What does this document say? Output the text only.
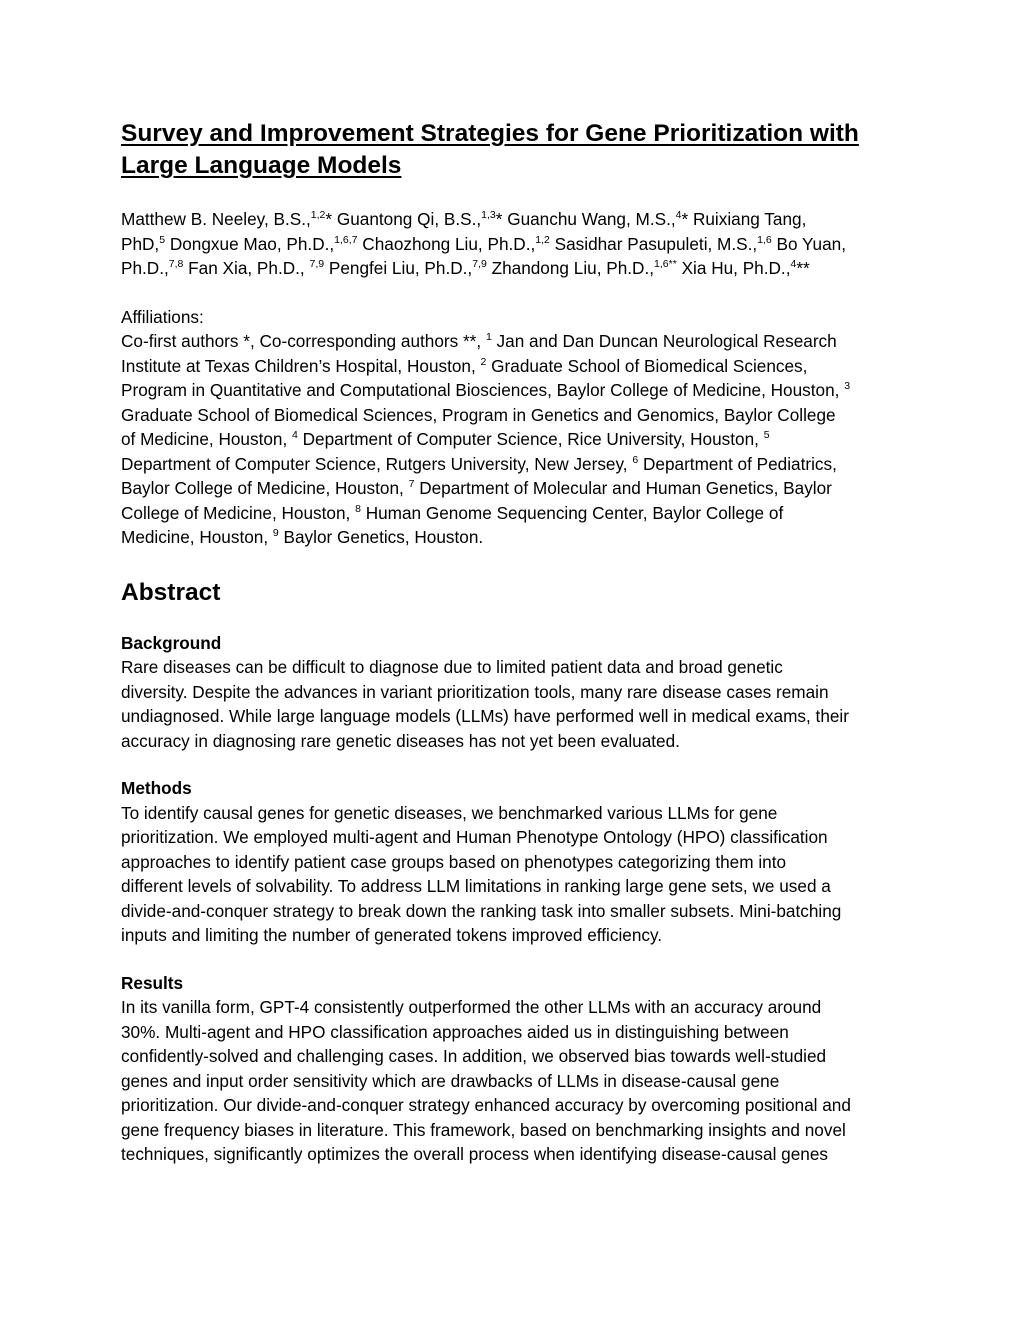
Survey and Improvement Strategies for Gene Prioritization with
Large Language Models
Matthew B. Neeley, B.S.,$^{1,2}$* Guantong Qi, B.S.,$^{1,3}$* Guanchu Wang, M.S.,$^4$* Ruixiang Tang,
PhD,$^5$ Dongxue Mao, Ph.D.,$^{1,6,7}$ Chaozhong Liu, Ph.D.,$^{1,2}$ Sasidhar Pasupuleti, M.S.,$^{1,6}$ Bo Yuan,
Ph.D.,$^{7,8}$ Fan Xia, Ph.D., $^{7,9}$ Pengfei Liu, Ph.D.,$^{7,9}$ Zhandong Liu, Ph.D.,$^{1,6**}$ Xia Hu, Ph.D.,$^4$**
Affiliations:
Co-first authors *, Co-corresponding authors **, $^1$ Jan and Dan Duncan Neurological Research
Institute at Texas Children’s Hospital, Houston, $^2$ Graduate School of Biomedical Sciences,
Program in Quantitative and Computational Biosciences, Baylor College of Medicine, Houston, $^3$
Graduate School of Biomedical Sciences, Program in Genetics and Genomics, Baylor College
of Medicine, Houston, $^4$ Department of Computer Science, Rice University, Houston, $^5$
Department of Computer Science, Rutgers University, New Jersey, $^6$ Department of Pediatrics,
Baylor College of Medicine, Houston, $^7$ Department of Molecular and Human Genetics, Baylor
College of Medicine, Houston, $^8$ Human Genome Sequencing Center, Baylor College of
Medicine, Houston, $^9$ Baylor Genetics, Houston.
Abstract
Background
Rare diseases can be difficult to diagnose due to limited patient data and broad genetic
diversity. Despite the advances in variant prioritization tools, many rare disease cases remain
undiagnosed. While large language models (LLMs) have performed well in medical exams, their
accuracy in diagnosing rare genetic diseases has not yet been evaluated.
Methods
To identify causal genes for genetic diseases, we benchmarked various LLMs for gene
prioritization. We employed multi-agent and Human Phenotype Ontology (HPO) classification
approaches to identify patient case groups based on phenotypes categorizing them into
different levels of solvability. To address LLM limitations in ranking large gene sets, we used a
divide-and-conquer strategy to break down the ranking task into smaller subsets. Mini-batching
inputs and limiting the number of generated tokens improved efficiency.
Results
In its vanilla form, GPT-4 consistently outperformed the other LLMs with an accuracy around
30%. Multi-agent and HPO classification approaches aided us in distinguishing between
confidently-solved and challenging cases. In addition, we observed bias towards well-studied
genes and input order sensitivity which are drawbacks of LLMs in disease-causal gene
prioritization. Our divide-and-conquer strategy enhanced accuracy by overcoming positional and
gene frequency biases in literature. This framework, based on benchmarking insights and novel
techniques, significantly optimizes the overall process when identifying disease-causal genes
